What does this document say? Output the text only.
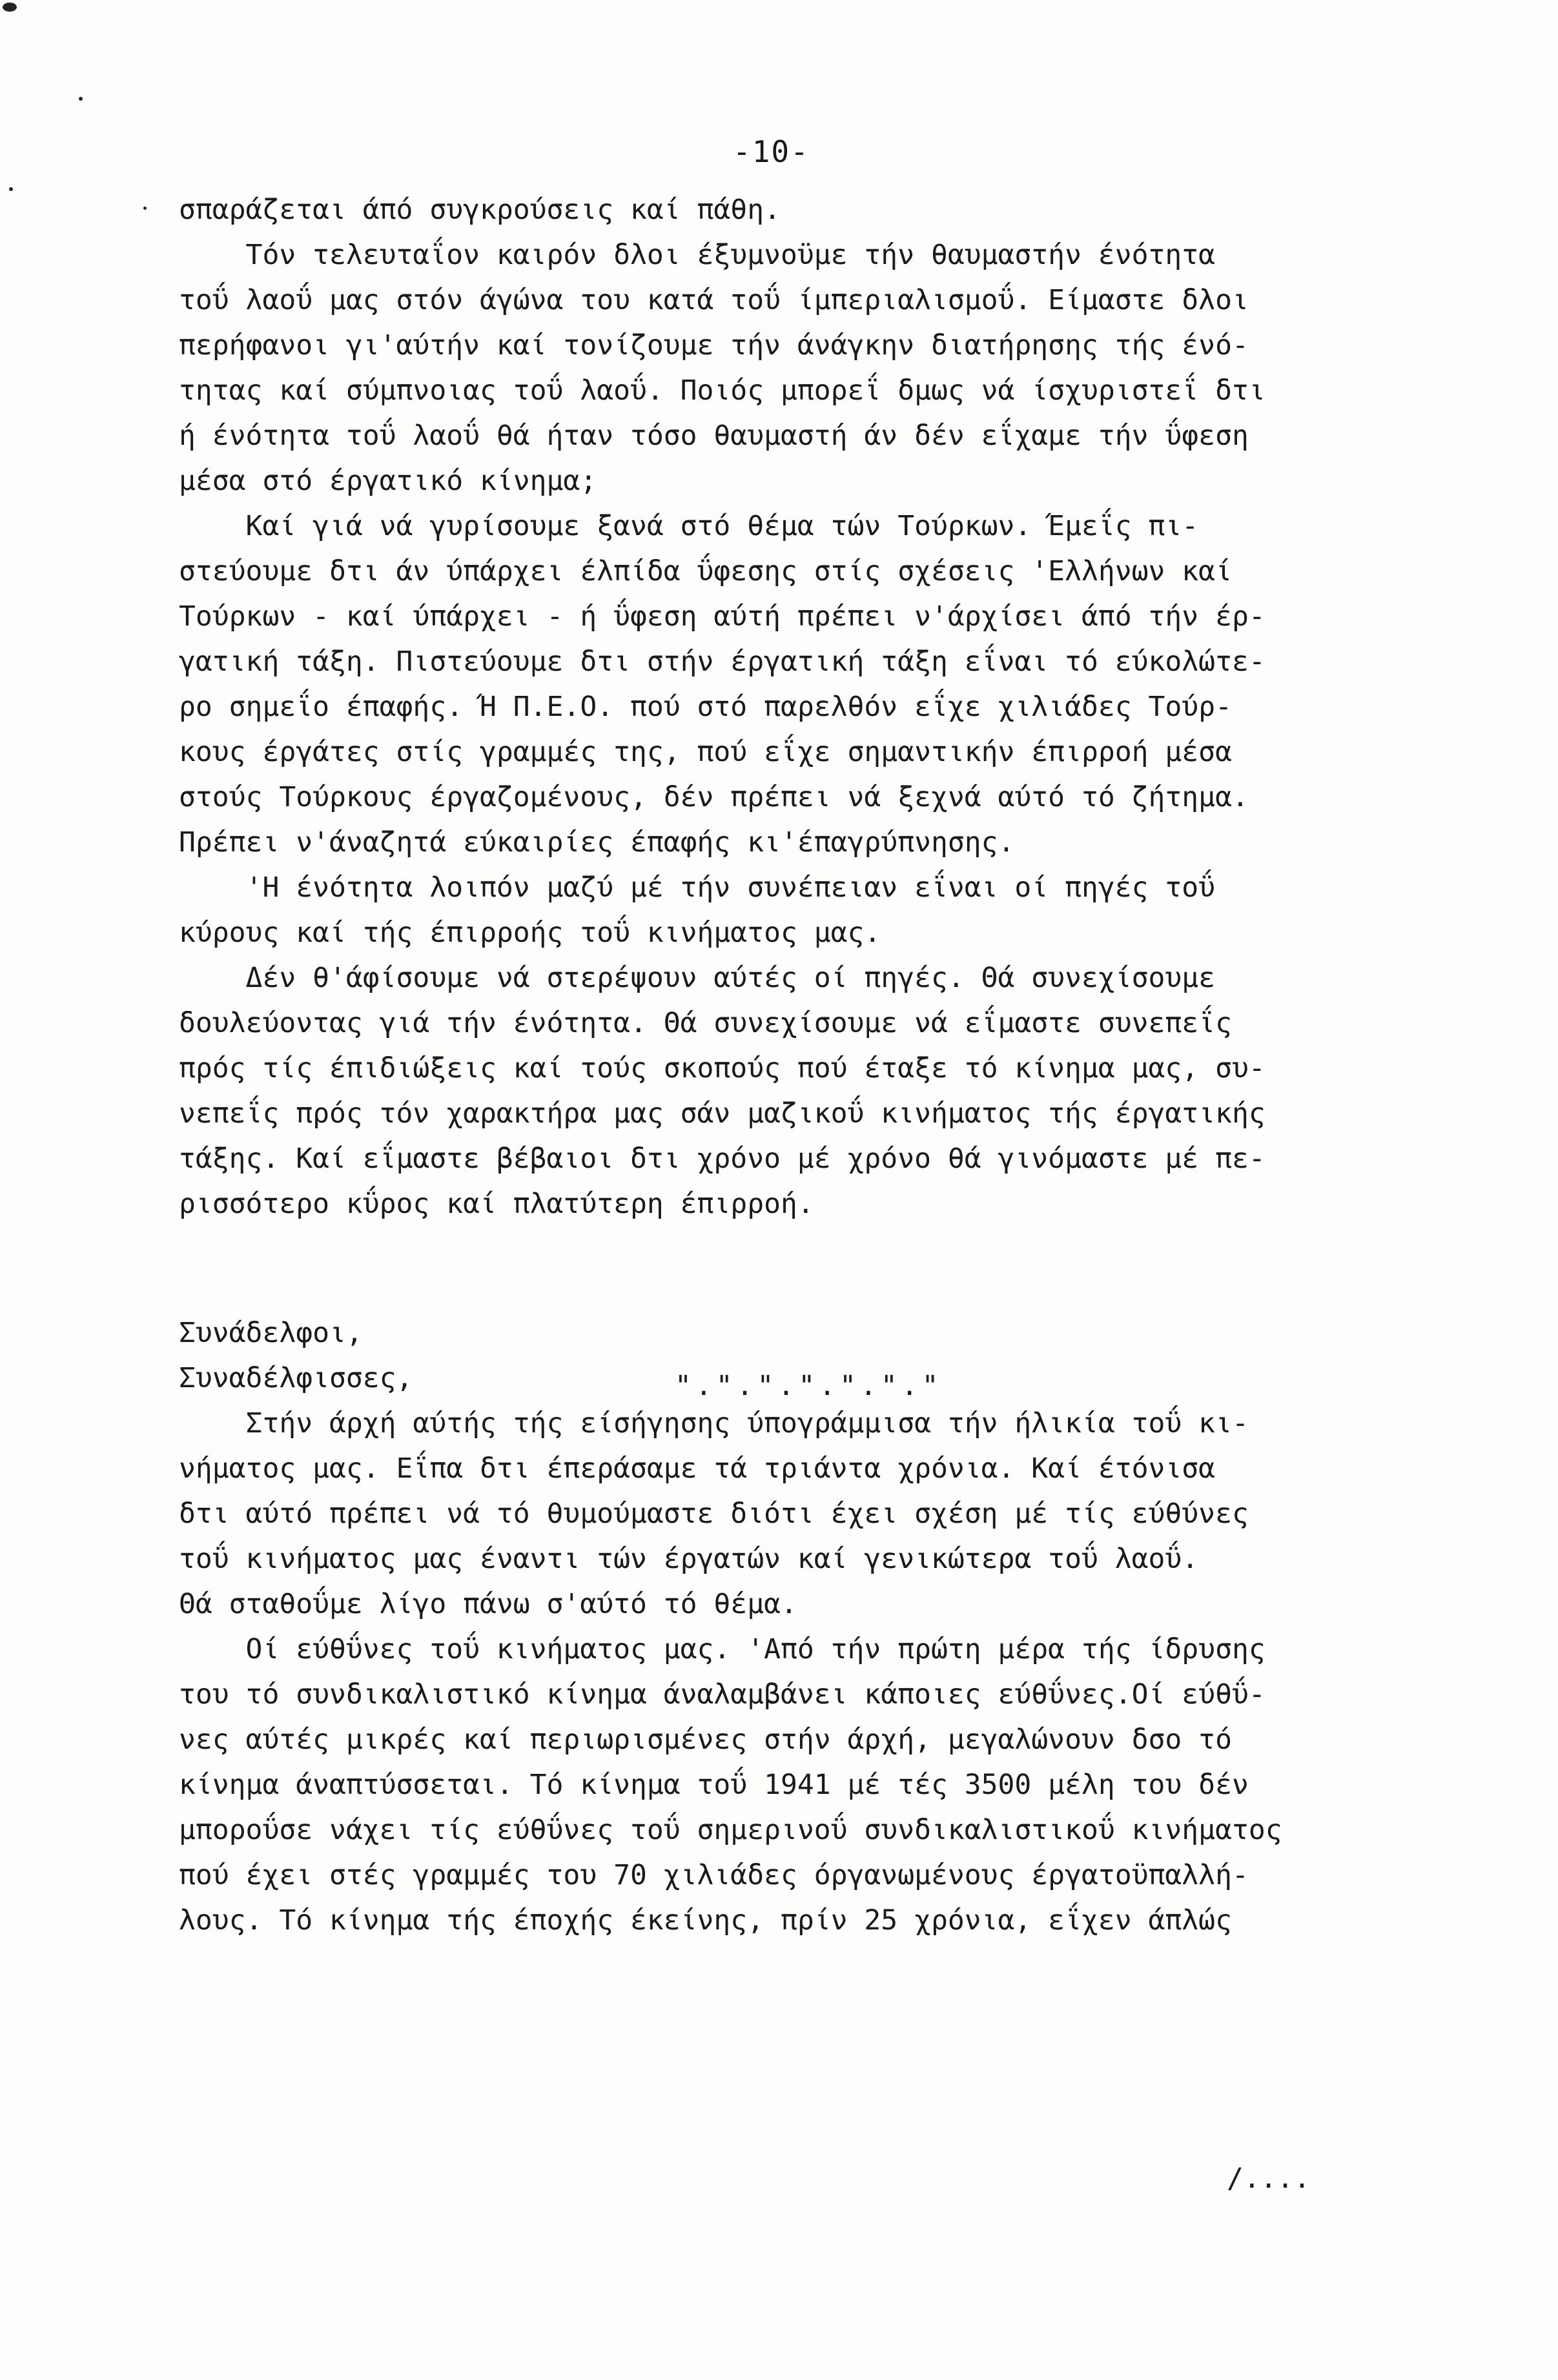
-10-
σπαράζεται άπό συγκρούσεις καί πάθη.
Τόν τελευταΐον καιρόν δλοι έξυμνοϋμε τήν θαυμαστήν ένότητα
τοΰ λαοΰ μας στόν άγώνα του κατά τοΰ ίμπεριαλισμοΰ. Είμαστε δλοι
περήφανοι γι'αύτήν καί τονίζουμε τήν άνάγκην διατήρησης τής ένό-
τητας καί σύμπνοιας τοΰ λαοΰ. Ποιός μπορεΐ δμως νά ίσχυριστεΐ δτι
ή ένότητα τοΰ λαοΰ θά ήταν τόσο θαυμαστή άν δέν εΐχαμε τήν ΰφεση
μέσα στό έργατικό κίνημα;
Καί γιά νά γυρίσουμε ξανά στό θέμα τών Τούρκων. Έμεΐς πι-
στεύουμε δτι άν ύπάρχει έλπίδα ΰφεσης στίς σχέσεις 'Ελλήνων καί
Τούρκων - καί ύπάρχει - ή ΰφεση αύτή πρέπει ν'άρχίσει άπό τήν έρ-
γατική τάξη. Πιστεύουμε δτι στήν έργατική τάξη εΐναι τό εύκολώτε-
ρο σημεΐο έπαφής. Ή Π.Ε.Ο. πού στό παρελθόν εΐχε χιλιάδες Τούρ-
κους έργάτες στίς γραμμές της, πού εΐχε σημαντικήν έπιρροή μέσα
στούς Τούρκους έργαζομένους, δέν πρέπει νά ξεχνά αύτό τό ζήτημα.
Πρέπει ν'άναζητά εύκαιρίες έπαφής κι'έπαγρύπνησης.
'Η ένότητα λοιπόν μαζύ μέ τήν συνέπειαν εΐναι οί πηγές τοΰ
κύρους καί τής έπιρροής τοΰ κινήματος μας.
Δέν θ'άφίσουμε νά στερέψουν αύτές οί πηγές. Θά συνεχίσουμε
δουλεύοντας γιά τήν ένότητα. Θά συνεχίσουμε νά εΐμαστε συνεπεΐς
πρός τίς έπιδιώξεις καί τούς σκοπούς πού έταξε τό κίνημα μας, συ-
νεπεΐς πρός τόν χαρακτήρα μας σάν μαζικοΰ κινήματος τής έργατικής
τάξης. Καί εΐμαστε βέβαιοι δτι χρόνο μέ χρόνο θά γινόμαστε μέ πε-
ρισσότερο κΰρος καί πλατύτερη έπιρροή.
Συνάδελφοι,
Συναδέλφισσες,
Στήν άρχή αύτής τής είσήγησης ύπογράμμισα τήν ήλικία τοΰ κι-
νήματος μας. Εΐπα δτι έπεράσαμε τά τριάντα χρόνια. Καί έτόνισα
δτι αύτό πρέπει νά τό θυμούμαστε διότι έχει σχέση μέ τίς εύθύνες
τοΰ κινήματος μας έναντι τών έργατών καί γενικώτερα τοΰ λαοΰ.
Θά σταθοΰμε λίγο πάνω σ'αύτό τό θέμα.
Οί εύθΰνες τοΰ κινήματος μας. 'Από τήν πρώτη μέρα τής ίδρυσης
του τό συνδικαλιστικό κίνημα άναλαμβάνει κάποιες εύθΰνες.Οί εύθΰ-
νες αύτές μικρές καί περιωρισμένες στήν άρχή, μεγαλώνουν δσο τό
κίνημα άναπτύσσεται. Τό κίνημα τοΰ 1941 μέ τές 3500 μέλη του δέν
μποροΰσε νάχει τίς εύθΰνες τοΰ σημερινοΰ συνδικαλιστικοΰ κινήματος
πού έχει στές γραμμές του 70 χιλιάδες όργανωμένους έργατοϋπαλλή-
λους. Τό κίνημα τής έποχής έκείνης, πρίν 25 χρόνια, εΐχεν άπλώς
"."."."."."."
/....
